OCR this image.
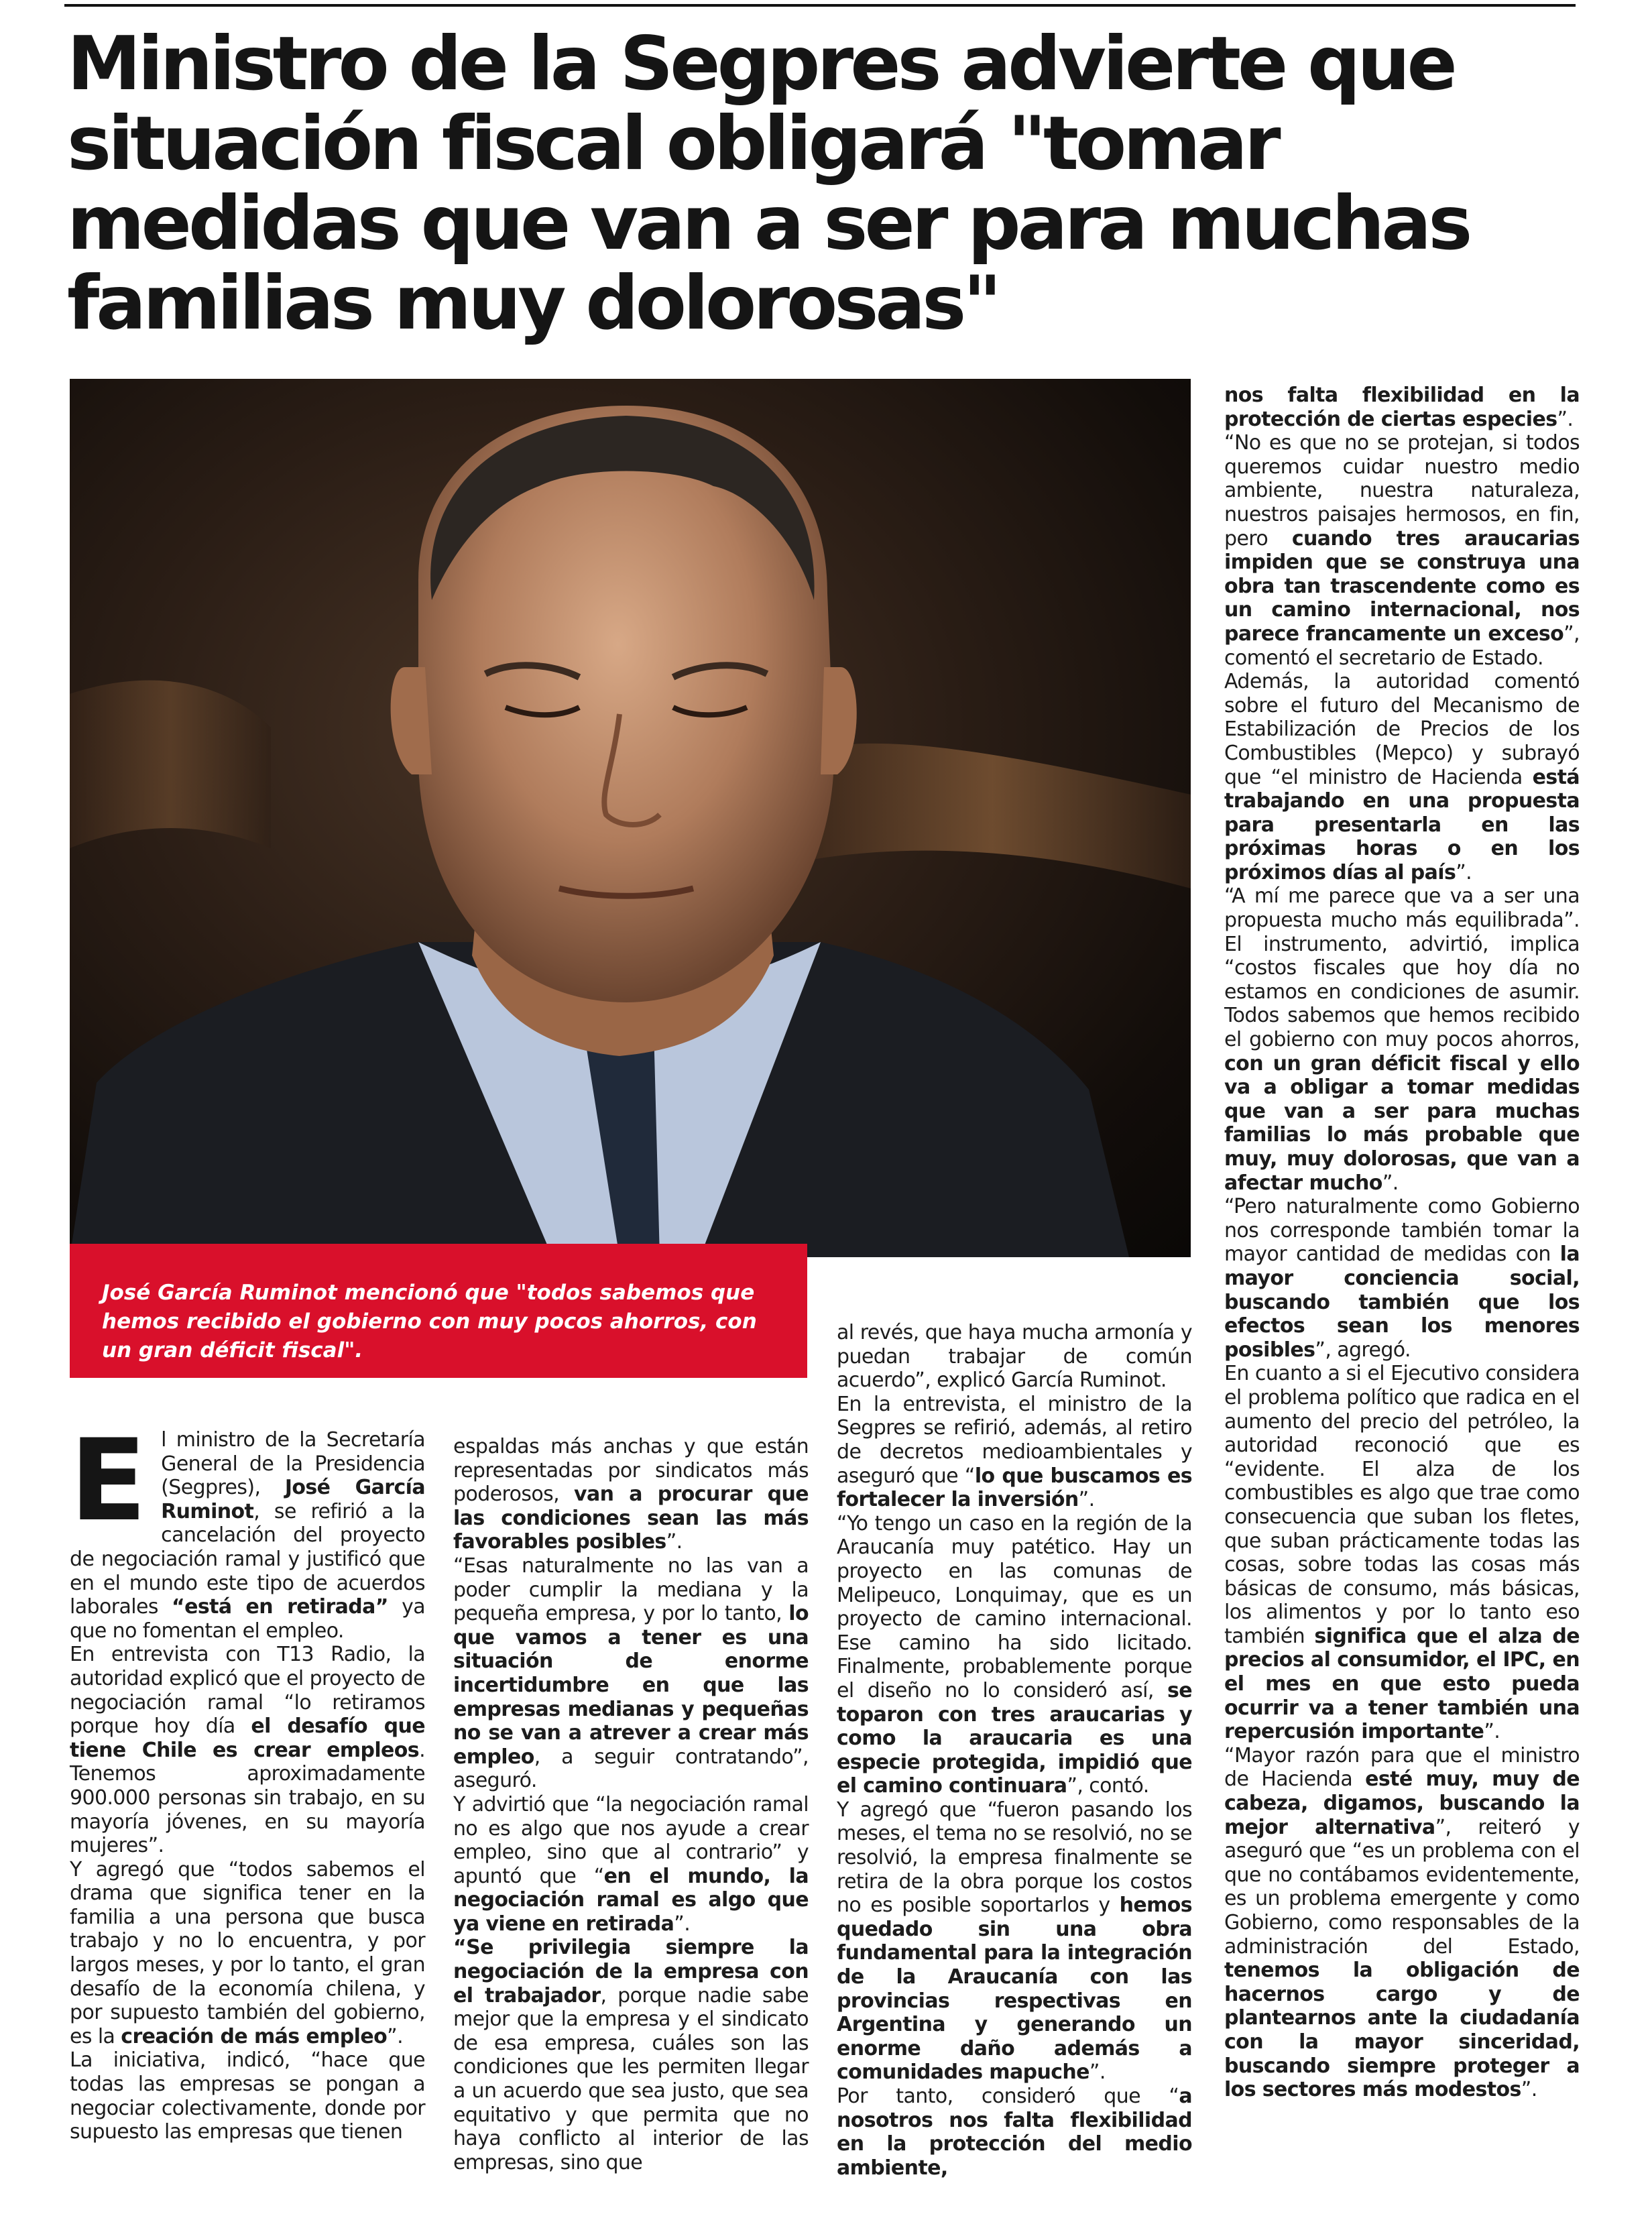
Ministro de la Segpres advierte que situación fiscal obligará "tomar medidas que van a ser para muchas familias muy dolorosas"
José García Ruminot mencionó que "todos sabemos que hemos recibido el gobierno con muy pocos ahorros, con un gran déficit fiscal".
E l ministro de la Secretaría General de la Presidencia (Segpres), José García Ruminot, se refirió a la cancelación del proyecto de negociación ramal y justificó que en el mundo este tipo de acuerdos laborales “está en retirada” ya que no fomentan el empleo.

En entrevista con T13 Radio, la autoridad explicó que el proyecto de negociación ramal “lo retiramos porque hoy día el desafío que tiene Chile es crear empleos. Tenemos aproximadamente 900.000 personas sin trabajo, en su mayoría jóvenes, en su mayoría mujeres”.

Y agregó que “todos sabemos el drama que significa tener en la familia a una persona que busca trabajo y no lo encuentra, y por largos meses, y por lo tanto, el gran desafío de la economía chilena, y por supuesto también del gobierno, es la creación de más empleo”.

La iniciativa, indicó, “hace que todas las empresas se pongan a negociar colectivamente, donde por supuesto las empresas que tienen

espaldas más anchas y que están representadas por sindicatos más poderosos, van a procurar que las condiciones sean las más favorables posibles”.

“Esas naturalmente no las van a poder cumplir la mediana y la pequeña empresa, y por lo tanto, lo que vamos a tener es una situación de enorme incertidumbre en que las empresas medianas y pequeñas no se van a atrever a crear más empleo, a seguir contratando”, aseguró.

Y advirtió que “la negociación ramal no es algo que nos ayude a crear empleo, sino que al contrario” y apuntó que “en el mundo, la negociación ramal es algo que ya viene en retirada”.

“Se privilegia siempre la negociación de la empresa con el trabajador, porque nadie sabe mejor que la empresa y el sindicato de esa empresa, cuáles son las condiciones que les permiten llegar a un acuerdo que sea justo, que sea equitativo y que permita que no haya conflicto al interior de las empresas, sino que

al revés, que haya mucha armonía y puedan trabajar de común acuerdo”, explicó García Ruminot.

En la entrevista, el ministro de la Segpres se refirió, además, al retiro de decretos medioambientales y aseguró que “lo que buscamos es fortalecer la inversión”.

“Yo tengo un caso en la región de la Araucanía muy patético. Hay un proyecto en las comunas de Melipeuco, Lonquimay, que es un proyecto de camino internacional. Ese camino ha sido licitado. Finalmente, probablemente porque el diseño no lo consideró así, se toparon con tres araucarias y como la araucaria es una especie protegida, impidió que el camino continuara”, contó.

Y agregó que “fueron pasando los meses, el tema no se resolvió, no se resolvió, la empresa finalmente se retira de la obra porque los costos no es posible soportarlos y hemos quedado sin una obra fundamental para la integración de la Araucanía con las provincias respectivas en Argentina y generando un enorme daño además a comunidades mapuche”.

Por tanto, consideró que “a nosotros nos falta flexibilidad en la protección del medio ambiente,

nos falta flexibilidad en la protección de ciertas especies”.

“No es que no se protejan, si todos queremos cuidar nuestro medio ambiente, nuestra naturaleza, nuestros paisajes hermosos, en fin, pero cuando tres araucarias impiden que se construya una obra tan trascendente como es un camino internacional, nos parece francamente un exceso”, comentó el secretario de Estado.

Además, la autoridad comentó sobre el futuro del Mecanismo de Estabilización de Precios de los Combustibles (Mepco) y subrayó que “el ministro de Hacienda está trabajando en una propuesta para presentarla en las próximas horas o en los próximos días al país”.

“A mí me parece que va a ser una propuesta mucho más equilibrada”. El instrumento, advirtió, implica “costos fiscales que hoy día no estamos en condiciones de asumir. Todos sabemos que hemos recibido el gobierno con muy pocos ahorros, con un gran déficit fiscal y ello va a obligar a tomar medidas que van a ser para muchas familias lo más probable que muy, muy dolorosas, que van a afectar mucho”.

“Pero naturalmente como Gobierno nos corresponde también tomar la mayor cantidad de medidas con la mayor conciencia social, buscando también que los efectos sean los menores posibles”, agregó.

En cuanto a si el Ejecutivo considera el problema político que radica en el aumento del precio del petróleo, la autoridad reconoció que es “evidente. El alza de los combustibles es algo que trae como consecuencia que suban los fletes, que suban prácticamente todas las cosas, sobre todas las cosas más básicas de consumo, más básicas, los alimentos y por lo tanto eso también significa que el alza de precios al consumidor, el IPC, en el mes en que esto pueda ocurrir va a tener también una repercusión importante”.

“Mayor razón para que el ministro de Hacienda esté muy, muy de cabeza, digamos, buscando la mejor alternativa”, reiteró y aseguró que “es un problema con el que no contábamos evidentemente, es un problema emergente y como Gobierno, como responsables de la administración del Estado, tenemos la obligación de hacernos cargo y de plantearnos ante la ciudadanía con la mayor sinceridad, buscando siempre proteger a los sectores más modestos”.
